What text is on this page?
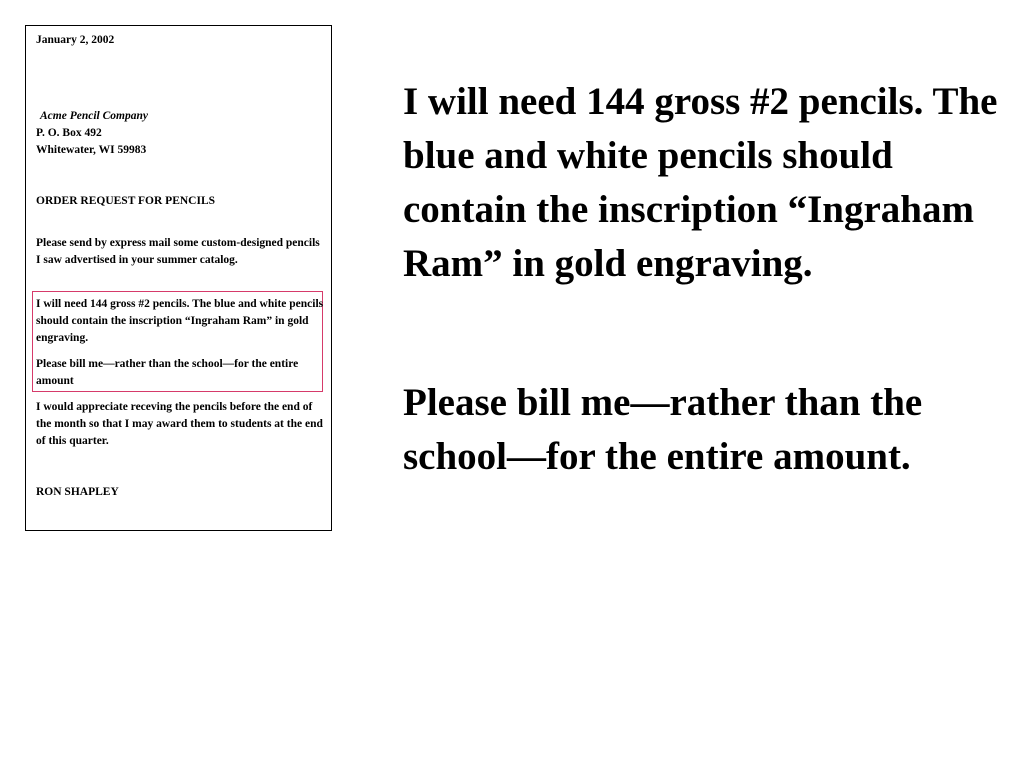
January 2, 2002
Acme Pencil Company
P. O. Box 492
Whitewater, WI 59983
ORDER REQUEST FOR PENCILS
Please send by express mail some custom-designed pencils I saw advertised in your summer catalog.
I will need 144 gross #2 pencils. The blue and white pencils should contain the inscription “Ingraham Ram” in gold engraving.
Please bill me—rather than the school—for the entire amount
I would appreciate receving the pencils before the end of the month so that I may award them to students at the end of this quarter.
RON SHAPLEY
I will need 144 gross #2 pencils. The blue and white pencils should contain the inscription “Ingraham Ram” in gold engraving.
Please bill me—rather than the school—for the entire amount.
